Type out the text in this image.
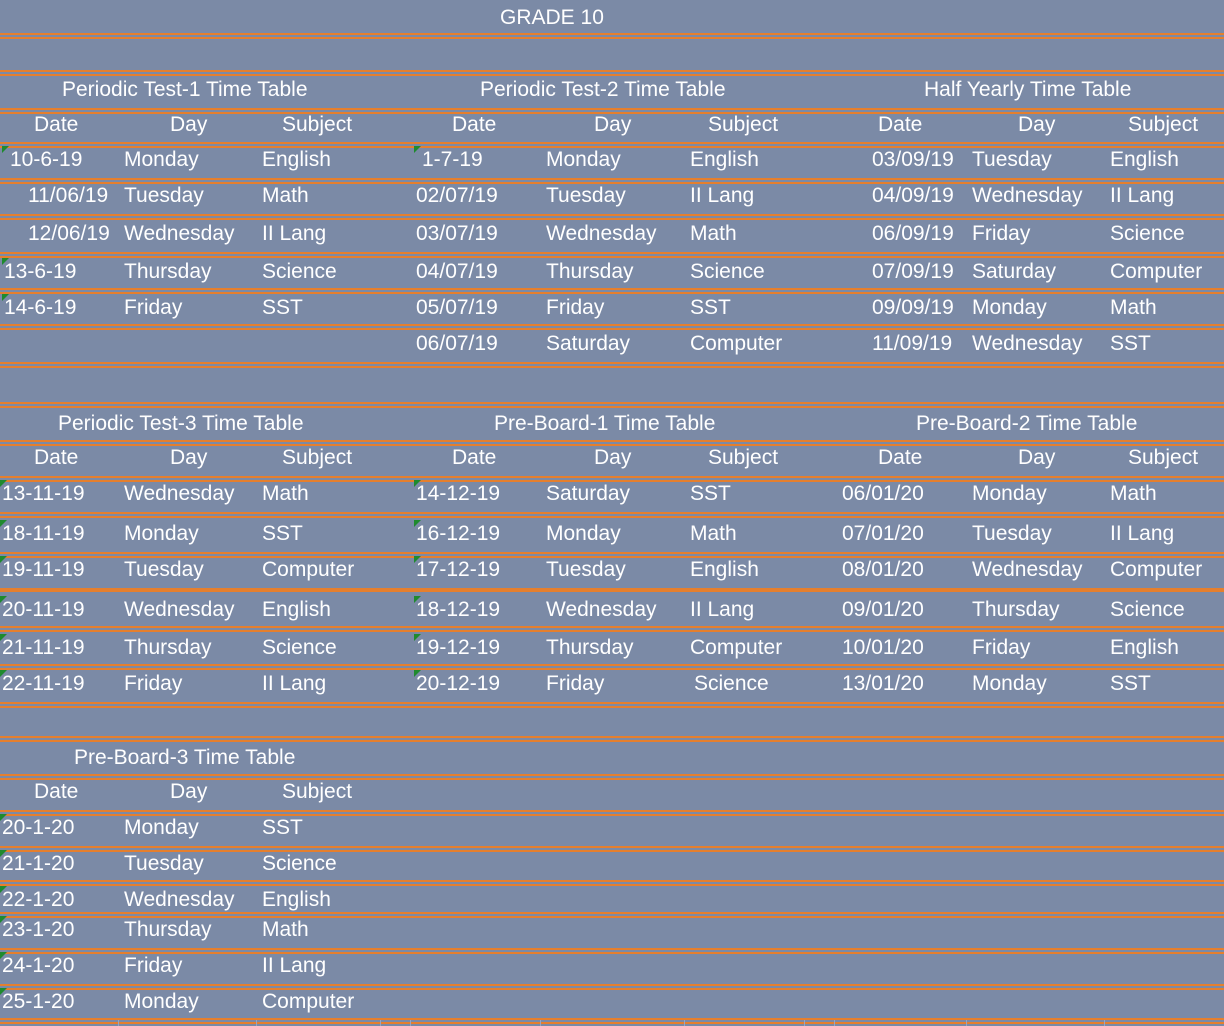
GRADE 10
Periodic Test-1 Time Table
Date	Day	Subject
10-6-19 Monday	English
11/06/19 Tuesday	Math
12/06/19 Wednesday II Lang
13-6-19 Thursday Science
14-6-19 Friday	SST
Periodic Test-2 Time Table
Date	Day	Subject
1-7-19	Monday	English
02/07/19 Tuesday	II Lang
03/07/19 Wednesday Math
04/07/19 Thursday	Science
05/07/19 Friday	SST
06/07/19 Saturday	Computer
Half Yearly Time Table
Date	Day	Subject
03/09/19 Tuesday	English
04/09/19 Wednesday II Lang
06/09/19 Friday	Science
07/09/19 Saturday	Computer
09/09/19 Monday	Math
11/09/19 Wednesday SST
Periodic Test-3 Time Table
Date	Day	Subject
13-11-19 Wednesday Math
18-11-19 Monday	SST
19-11-19 Tuesday	Computer
20-11-19 Wednesday English
21-11-19 Thursday Science
22-11-19 Friday	II Lang
Pre-Board-1 Time Table
Date	Day	Subject
14-12-19 Saturday	SST
16-12-19 Monday	Math
17-12-19 Tuesday	English
18-12-19 Wednesday II Lang
19-12-19 Thursday	Computer
20-12-19 Friday	Science
Pre-Board-2 Time Table
Date	Day	Subject
06/01/20 Monday	Math
07/01/20 Tuesday	II Lang
08/01/20 Wednesday Computer
09/01/20 Thursday Science
10/01/20 Friday	English
13/01/20 Monday	SST
Pre-Board-3 Time Table
Date	Day	Subject
20-1-20 Monday	SST
21-1-20 Tuesday	Science
22-1-20 Wednesday English
23-1-20 Thursday Math
24-1-20 Friday	II Lang
25-1-20 Monday	Computer
